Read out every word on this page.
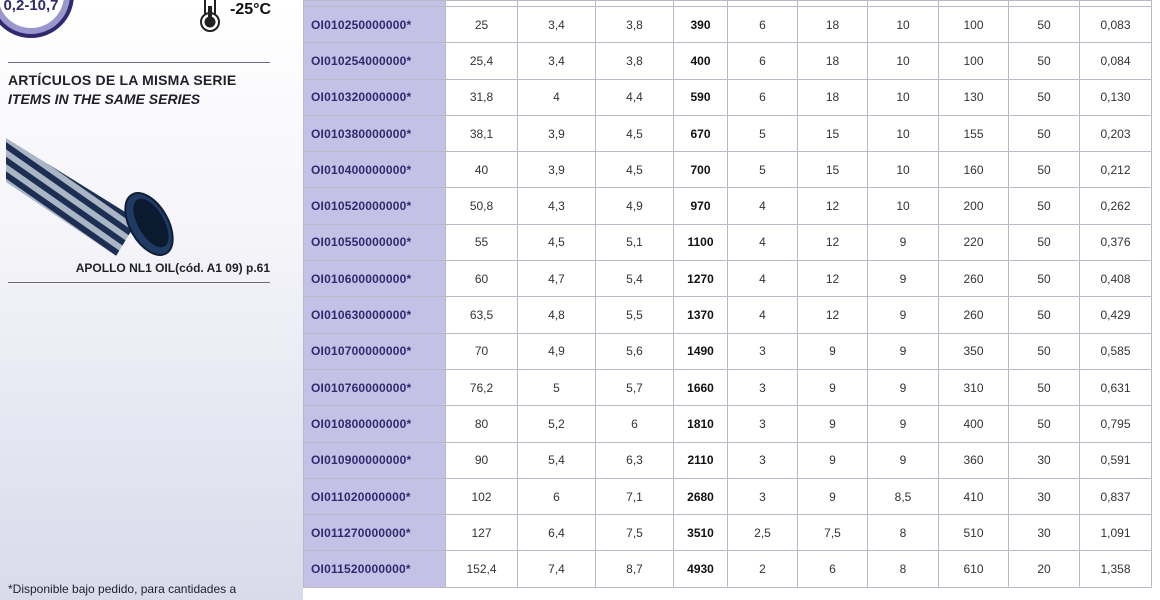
0,2-10,7	-25°C
ARTÍCULOS DE LA MISMA SERIE
ITEMS IN THE SAME SERIES
APOLLO NL1 OIL(cód. A1 09) p.61
*Disponible bajo pedido, para cantidades a

OI010250000000*	25	3,4	3,8	390	6	18	10	100	50	0,083
OI010254000000*	25,4	3,4	3,8	400	6	18	10	100	50	0,084
OI010320000000*	31,8	4	4,4	590	6	18	10	130	50	0,130
OI010380000000*	38,1	3,9	4,5	670	5	15	10	155	50	0,203
OI010400000000*	40	3,9	4,5	700	5	15	10	160	50	0,212
OI010520000000*	50,8	4,3	4,9	970	4	12	10	200	50	0,262
OI010550000000*	55	4,5	5,1	1100	4	12	9	220	50	0,376
OI010600000000*	60	4,7	5,4	1270	4	12	9	260	50	0,408
OI010630000000*	63,5	4,8	5,5	1370	4	12	9	260	50	0,429
OI010700000000*	70	4,9	5,6	1490	3	9	9	350	50	0,585
OI010760000000*	76,2	5	5,7	1660	3	9	9	310	50	0,631
OI010800000000*	80	5,2	6	1810	3	9	9	400	50	0,795
OI010900000000*	90	5,4	6,3	2110	3	9	9	360	30	0,591
OI011020000000*	102	6	7,1	2680	3	9	8,5	410	30	0,837
OI011270000000*	127	6,4	7,5	3510	2,5	7,5	8	510	30	1,091
OI011520000000*	152,4	7,4	8,7	4930	2	6	8	610	20	1,358
